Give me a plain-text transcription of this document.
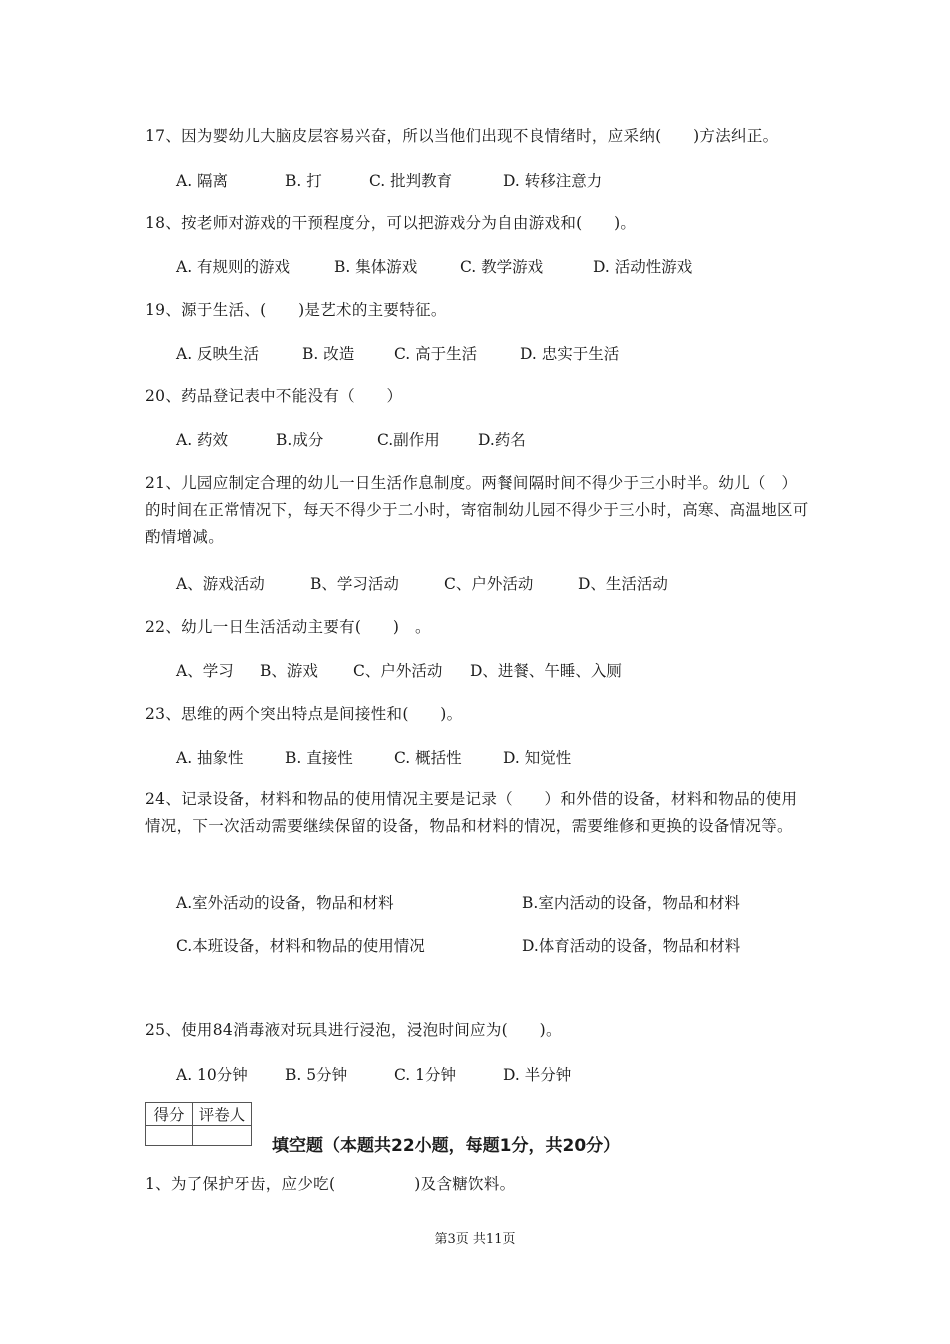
17、因为婴幼儿大脑皮层容易兴奋，所以当他们出现不良情绪时，应采纳(　　)方法纠正。
A. 隔离	B. 打	C. 批判教育	D. 转移注意力
18、按老师对游戏的干预程度分，可以把游戏分为自由游戏和(　　)。
A. 有规则的游戏	B. 集体游戏	C. 教学游戏	D. 活动性游戏
19、源于生活、(　　)是艺术的主要特征。
A. 反映生活	B. 改造	C. 高于生活	D. 忠实于生活
20、药品登记表中不能没有（　　）
A. 药效	B.成分	C.副作用 D.药名
21、儿园应制定合理的幼儿一日生活作息制度。两餐间隔时间不得少于三小时半。幼儿（　）的时间在正常情况下，每天不得少于二小时，寄宿制幼儿园不得少于三小时，高寒、高温地区可酌情增减。
A、游戏活动	B、学习活动	C、户外活动	D、生活活动
22、幼儿一日生活活动主要有(　　)　。
A、学习 B、游戏 C、户外活动 D、进餐、午睡、入厕
23、思维的两个突出特点是间接性和(　　)。
A. 抽象性	B. 直接性	C. 概括性	D. 知觉性
24、记录设备，材料和物品的使用情况主要是记录（　　）和外借的设备，材料和物品的使用情况，下一次活动需要继续保留的设备，物品和材料的情况，需要维修和更换的设备情况等。
A.室外活动的设备，物品和材料	B.室内活动的设备，物品和材料
C.本班设备，材料和物品的使用情况	D.体育活动的设备，物品和材料
25、使用84消毒液对玩具进行浸泡，浸泡时间应为(　　)。
A. 10分钟 B. 5分钟	C. 1分钟	D. 半分钟
得分	评卷人

填空题（本题共22小题，每题1分，共20分）
1、为了保护牙齿，应少吃(　　　　　)及含糖饮料。
第3页 共11页
